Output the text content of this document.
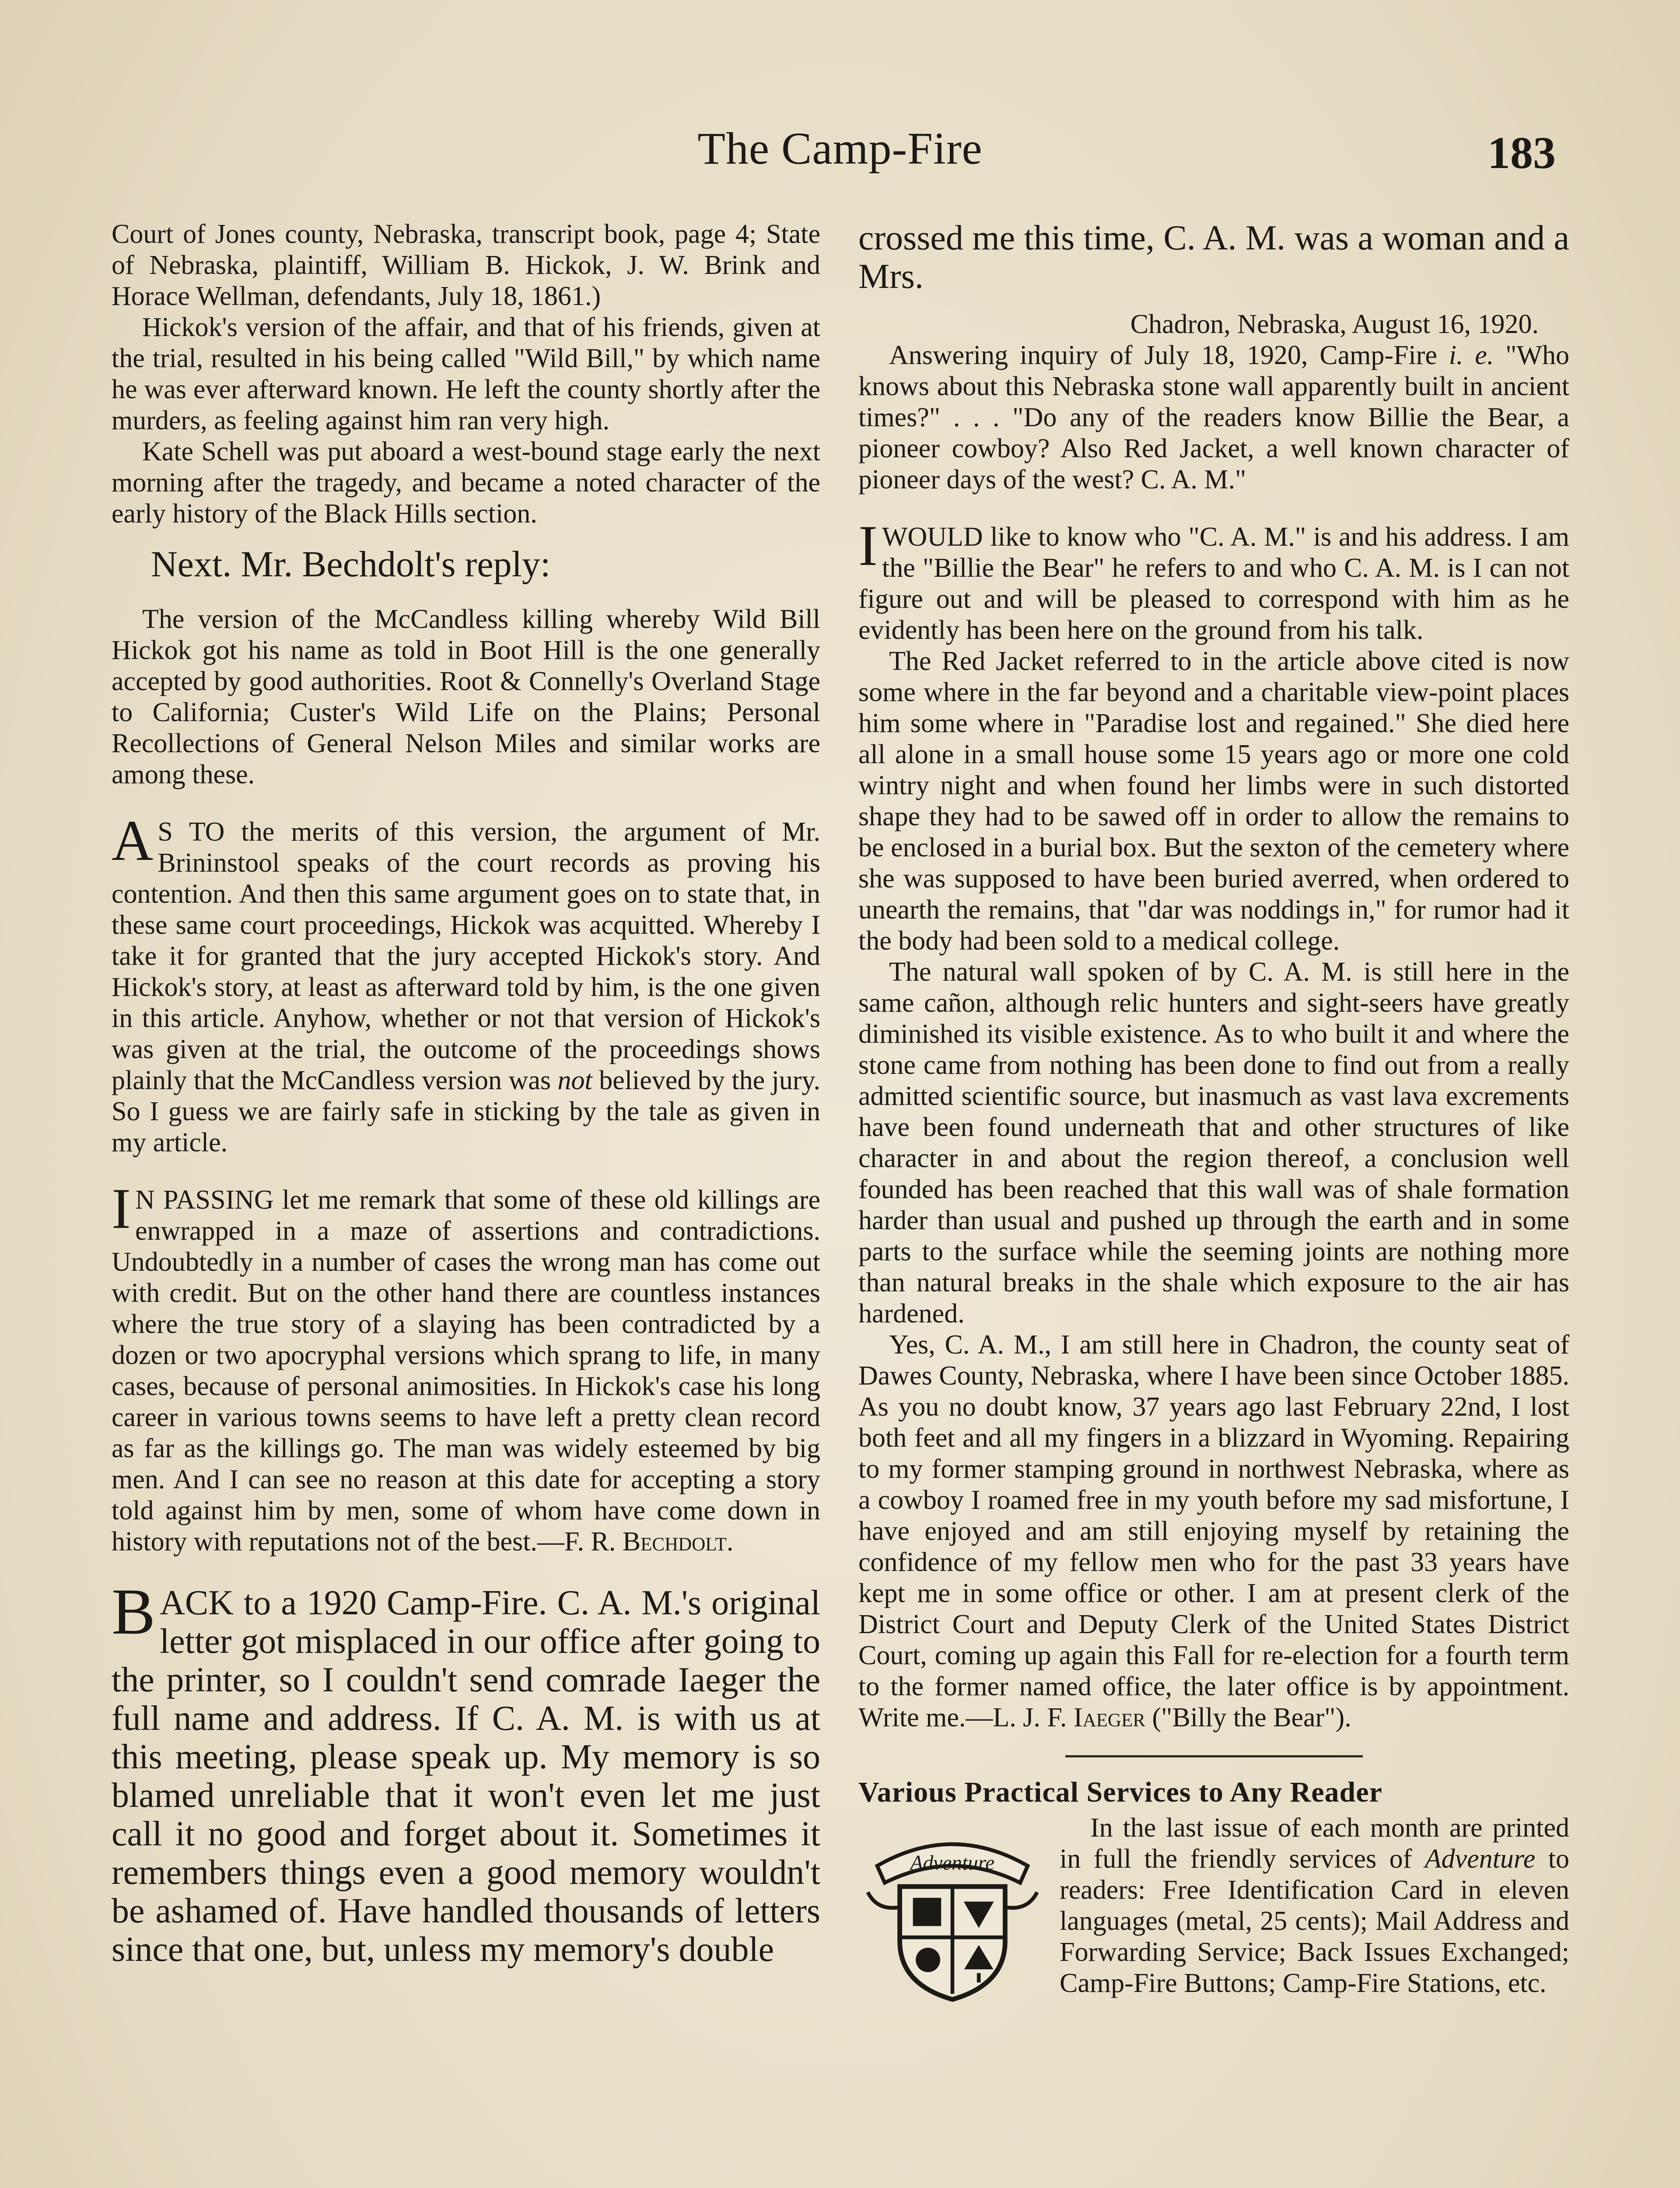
The Camp-Fire	183

Court of Jones county, Nebraska, transcript book, page 4; State of Nebraska, plaintiff, William B. Hickok, J. W. Brink and Horace Wellman, defendants, July 18, 1861.)

Hickok's version of the affair, and that of his friends, given at the trial, resulted in his being called "Wild Bill," by which name he was ever afterward known. He left the county shortly after the murders, as feeling against him ran very high.

Kate Schell was put aboard a west-bound stage early the next morning after the tragedy, and became a noted character of the early history of the Black Hills section.

Next. Mr. Bechdolt's reply:

The version of the McCandless killing whereby Wild Bill Hickok got his name as told in Boot Hill is the one generally accepted by good authorities. Root & Connelly's Overland Stage to California; Custer's Wild Life on the Plains; Personal Recollections of General Nelson Miles and similar works are among these.

A S TO the merits of this version, the argument of Mr. Brininstool speaks of the court records as proving his contention. And then this same argument goes on to state that, in these same court proceedings, Hickok was acquitted. Whereby I take it for granted that the jury accepted Hickok's story. And Hickok's story, at least as afterward told by him, is the one given in this article. Anyhow, whether or not that version of Hickok's was given at the trial, the outcome of the proceedings shows plainly that the McCandless version was not believed by the jury. So I guess we are fairly safe in sticking by the tale as given in my article.

I N PASSING let me remark that some of these old killings are enwrapped in a maze of assertions and contradictions. Undoubtedly in a number of cases the wrong man has come out with credit. But on the other hand there are countless instances where the true story of a slaying has been contradicted by a dozen or two apocryphal versions which sprang to life, in many cases, because of personal animosities. In Hickok's case his long career in various towns seems to have left a pretty clean record as far as the killings go. The man was widely esteemed by big men. And I can see no reason at this date for accepting a story told against him by men, some of whom have come down in history with reputations not of the best.—F. R. Bechdolt.

BACK to a 1920 Camp-Fire. C. A. M.'s original letter got misplaced in our office after going to the printer, so I couldn't send comrade Iaeger the full name and address. If C. A. M. is with us at this meeting, please speak up. My memory is so blamed unreliable that it won't even let me just call it no good and forget about it. Sometimes it remembers things even a good memory wouldn't be ashamed of. Have handled thousands of letters since that one, but, unless my memory's double

crossed me this time, C. A. M. was a woman and a Mrs.

Chadron, Nebraska, August 16, 1920.

Answering inquiry of July 18, 1920, Camp-Fire i. e. "Who knows about this Nebraska stone wall apparently built in ancient times?" . . . "Do any of the readers know Billie the Bear, a pioneer cowboy? Also Red Jacket, a well known character of pioneer days of the west? C. A. M."

IWOULD like to know who "C. A. M." is and his address. I am the "Billie the Bear" he refers to and who C. A. M. is I can not figure out and will be pleased to correspond with him as he evidently has been here on the ground from his talk.

The Red Jacket referred to in the article above cited is now some where in the far beyond and a charitable view-point places him some where in "Paradise lost and regained." She died here all alone in a small house some 15 years ago or more one cold wintry night and when found her limbs were in such distorted shape they had to be sawed off in order to allow the remains to be enclosed in a burial box. But the sexton of the cemetery where she was supposed to have been buried averred, when ordered to unearth the remains, that "dar was noddings in," for rumor had it the body had been sold to a medical college.

The natural wall spoken of by C. A. M. is still here in the same cañon, although relic hunters and sight-seers have greatly diminished its visible existence. As to who built it and where the stone came from nothing has been done to find out from a really admitted scientific source, but inasmuch as vast lava excrements have been found underneath that and other structures of like character in and about the region thereof, a conclusion well founded has been reached that this wall was of shale formation harder than usual and pushed up through the earth and in some parts to the surface while the seeming joints are nothing more than natural breaks in the shale which exposure to the air has hardened.

Yes, C. A. M., I am still here in Chadron, the county seat of Dawes County, Nebraska, where I have been since October 1885. As you no doubt know, 37 years ago last February 22nd, I lost both feet and all my fingers in a blizzard in Wyoming. Repairing to my former stamping ground in northwest Nebraska, where as a cowboy I roamed free in my youth before my sad misfortune, I have enjoyed and am still enjoying myself by retaining the confidence of my fellow men who for the past 33 years have kept me in some office or other. I am at present clerk of the District Court and Deputy Clerk of the United States District Court, coming up again this Fall for re-election for a fourth term to the former named office, the later office is by appointment. Write me.—L. J. F. Iaeger ("Billy the Bear").

Various Practical Services to Any Reader

Adventure

In the last issue of each month are printed in full the friendly services of Adventure to readers: Free Identification Card in eleven languages (metal, 25 cents); Mail Address and Forwarding Service; Back Issues Exchanged; Camp-Fire Buttons; Camp-Fire Stations, etc.
